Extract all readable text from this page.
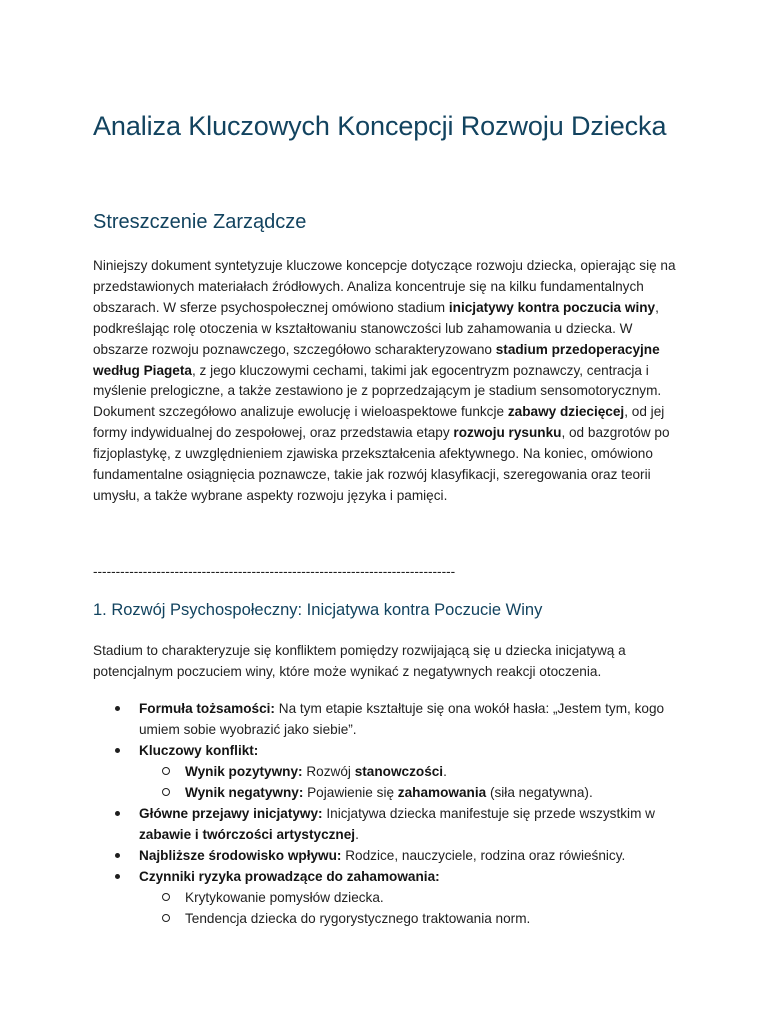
Analiza Kluczowych Koncepcji Rozwoju Dziecka
Streszczenie Zarządcze

Niniejszy dokument syntetyzuje kluczowe koncepcje dotyczące rozwoju dziecka, opierając się na przedstawionych materiałach źródłowych. Analiza koncentruje się na kilku fundamentalnych obszarach. W sferze psychospołecznej omówiono stadium inicjatywy kontra poczucia winy, podkreślając rolę otoczenia w kształtowaniu stanowczości lub zahamowania u dziecka. W obszarze rozwoju poznawczego, szczegółowo scharakteryzowano stadium przedoperacyjne według Piageta, z jego kluczowymi cechami, takimi jak egocentryzm poznawczy, centracja i myślenie prelogiczne, a także zestawiono je z poprzedzającym je stadium sensomotorycznym. Dokument szczegółowo analizuje ewolucję i wieloaspektowe funkcje zabawy dziecięcej, od jej formy indywidualnej do zespołowej, oraz przedstawia etapy rozwoju rysunku, od bazgrotów po fizjoplastykę, z uwzględnieniem zjawiska przekształcenia afektywnego. Na koniec, omówiono fundamentalne osiągnięcia poznawcze, takie jak rozwój klasyfikacji, szeregowania oraz teorii umysłu, a także wybrane aspekty rozwoju języka i pamięci.

--------------------------------------------------------------------------------
1. Rozwój Psychospołeczny: Inicjatywa kontra Poczucie Winy

Stadium to charakteryzuje się konfliktem pomiędzy rozwijającą się u dziecka inicjatywą a potencjalnym poczuciem winy, które może wynikać z negatywnych reakcji otoczenia.

Formuła tożsamości: Na tym etapie kształtuje się ona wokół hasła: „Jestem tym, kogo umiem sobie wyobrazić jako siebie”.
Kluczowy konflikt:
Wynik pozytywny: Rozwój stanowczości.
Wynik negatywny: Pojawienie się zahamowania (siła negatywna).
Główne przejawy inicjatywy: Inicjatywa dziecka manifestuje się przede wszystkim w zabawie i twórczości artystycznej.
Najbliższe środowisko wpływu: Rodzice, nauczyciele, rodzina oraz rówieśnicy.
Czynniki ryzyka prowadzące do zahamowania:
Krytykowanie pomysłów dziecka.
Tendencja dziecka do rygorystycznego traktowania norm.
